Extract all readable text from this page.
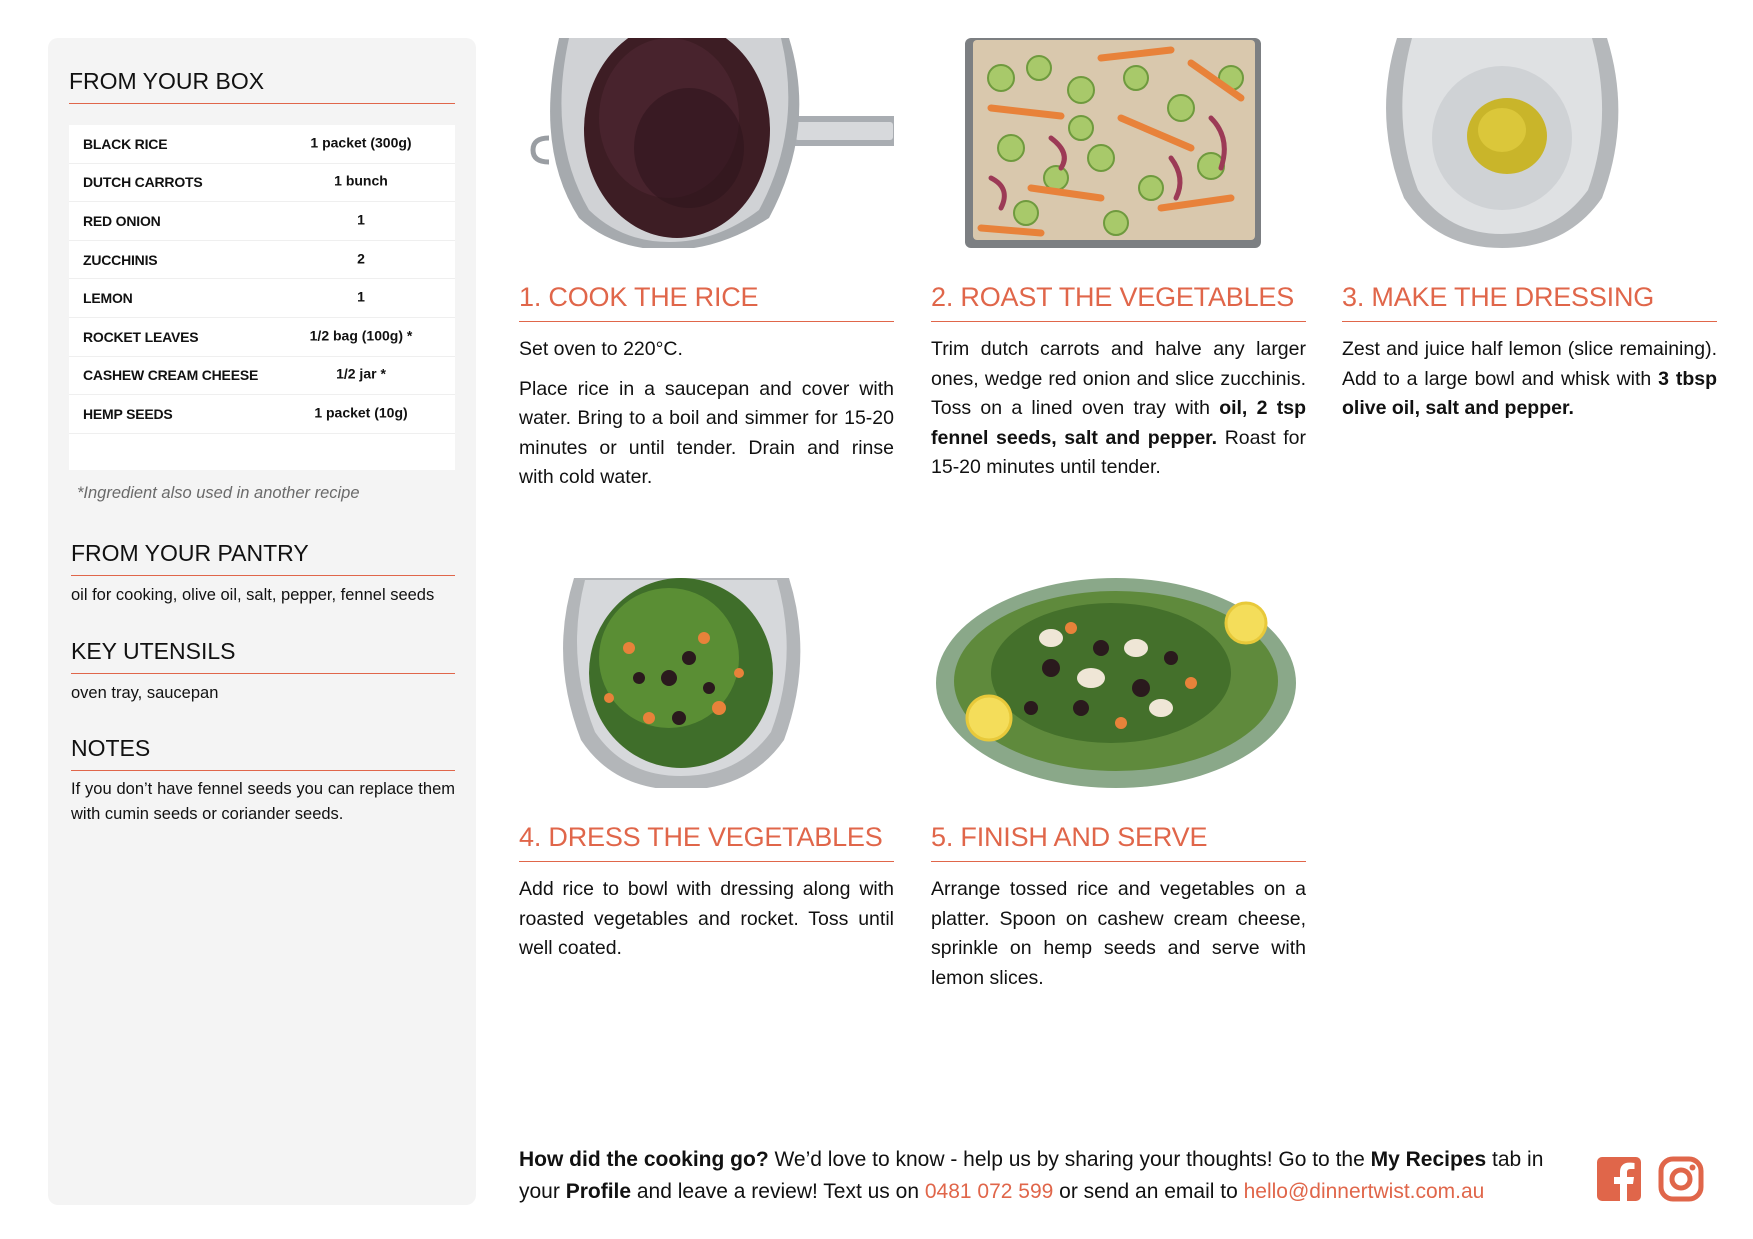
FROM YOUR BOX
BLACK RICE	1 packet (300g)
DUTCH CARROTS	1 bunch
RED ONION	1
ZUCCHINIS	2
LEMON	1
ROCKET LEAVES	1/2 bag (100g) *
CASHEW CREAM CHEESE	1/2 jar *
HEMP SEEDS	1 packet (10g)
*Ingredient also used in another recipe
FROM YOUR PANTRY
oil for cooking, olive oil, salt, pepper, fennel seeds
KEY UTENSILS
oven tray, saucepan
NOTES
If you don’t have fennel seeds you can replace them with cumin seeds or coriander seeds.
1. COOK THE RICE

Set oven to 220°C.

Place rice in a saucepan and cover with water. Bring to a boil and simmer for 15-20 minutes or until tender. Drain and rinse with cold water.

2. ROAST THE VEGETABLES

Trim dutch carrots and halve any larger ones, wedge red onion and slice zucchinis. Toss on a lined oven tray with oil, 2 tsp fennel seeds, salt and pepper. Roast for 15-20 minutes until tender.

3. MAKE THE DRESSING

Zest and juice half lemon (slice remaining). Add to a large bowl and whisk with 3 tbsp olive oil, salt and pepper.

4. DRESS THE VEGETABLES

Add rice to bowl with dressing along with roasted vegetables and rocket. Toss until well coated.

5. FINISH AND SERVE

Arrange tossed rice and vegetables on a platter. Spoon on cashew cream cheese, sprinkle on hemp seeds and serve with lemon slices.

How did the cooking go? We’d love to know - help us by sharing your thoughts! Go to the My Recipes tab in your Profile and leave a review! Text us on 0481 072 599 or send an email to hello@dinnertwist.com.au
